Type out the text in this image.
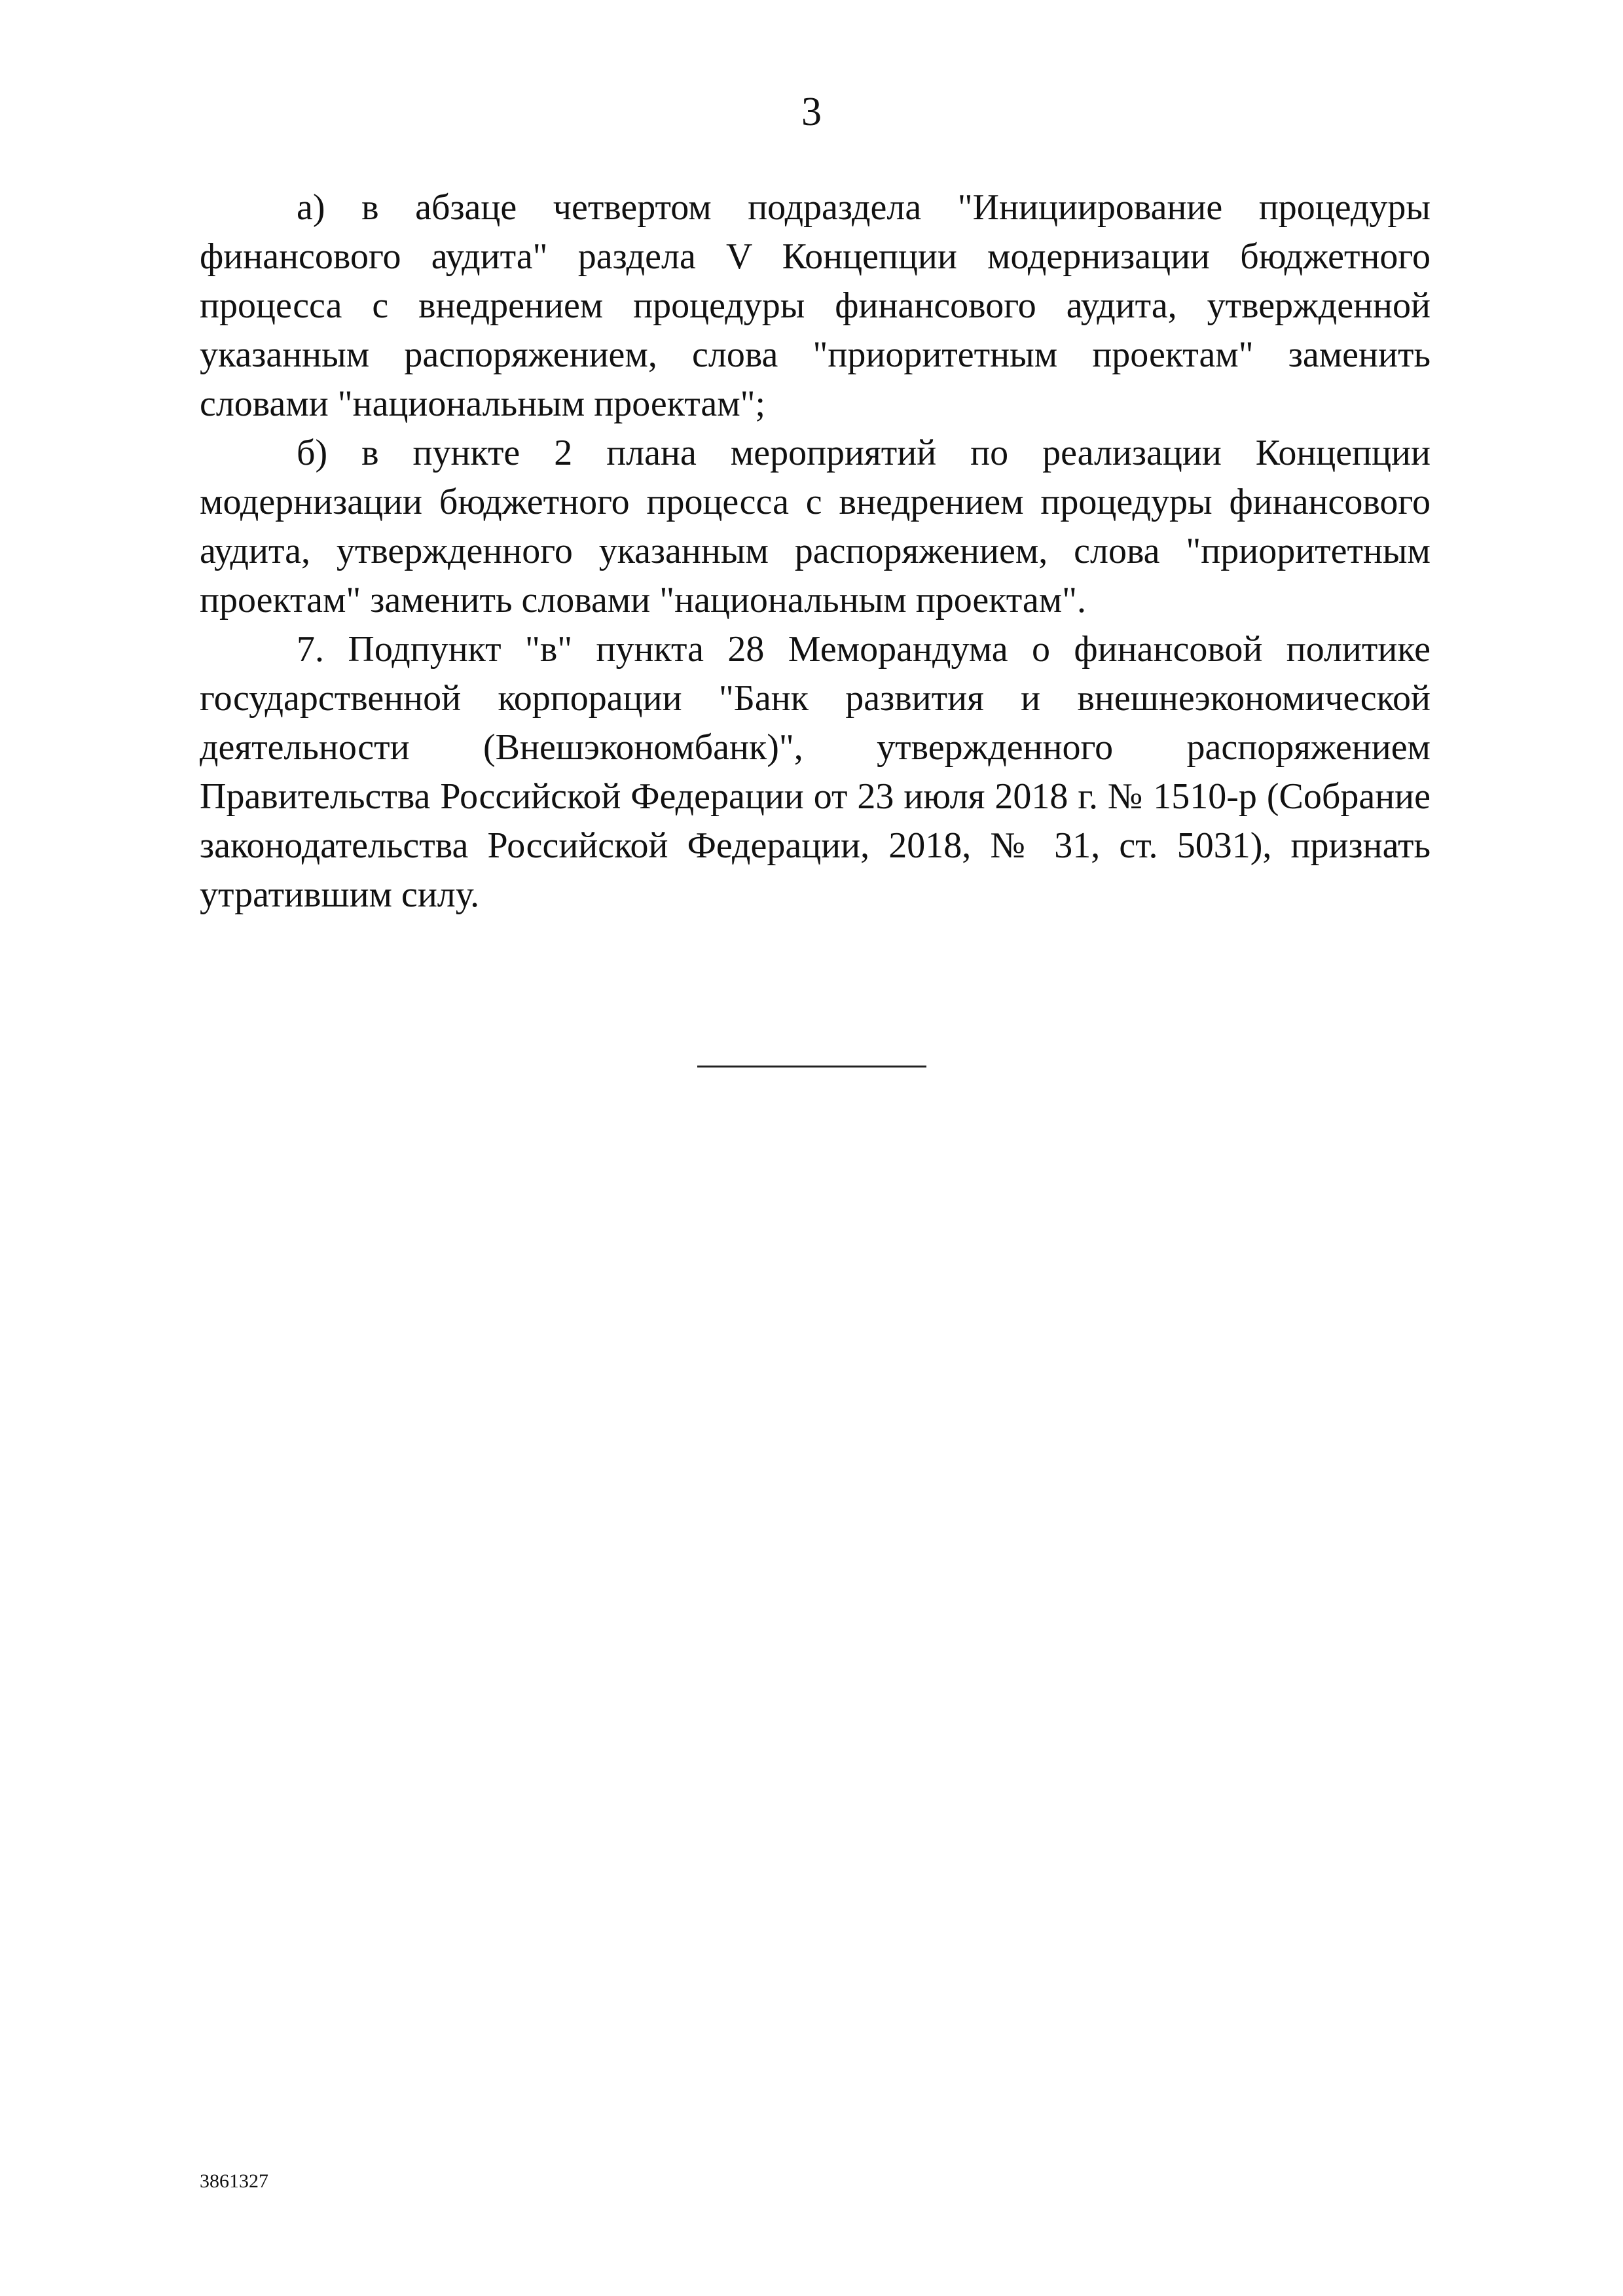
3

а) в абзаце четвертом подраздела "Инициирование процедуры финансового аудита" раздела V Концепции модернизации бюджетного процесса с внедрением процедуры финансового аудита, утвержденной указанным распоряжением, слова "приоритетным проектам" заменить словами "национальным проектам";

б) в пункте 2 плана мероприятий по реализации Концепции модернизации бюджетного процесса с внедрением процедуры финансового аудита, утвержденного указанным распоряжением, слова "приоритетным проектам" заменить словами "национальным проектам".

7. Подпункт "в" пункта 28 Меморандума о финансовой политике государственной корпорации "Банк развития и внешнеэкономической деятельности (Внешэкономбанк)", утвержденного распоряжением Правительства Российской Федерации от 23 июля 2018 г. № 1510-р (Собрание законодательства Российской Федерации, 2018, № 31, ст. 5031), признать утратившим силу.

3861327
